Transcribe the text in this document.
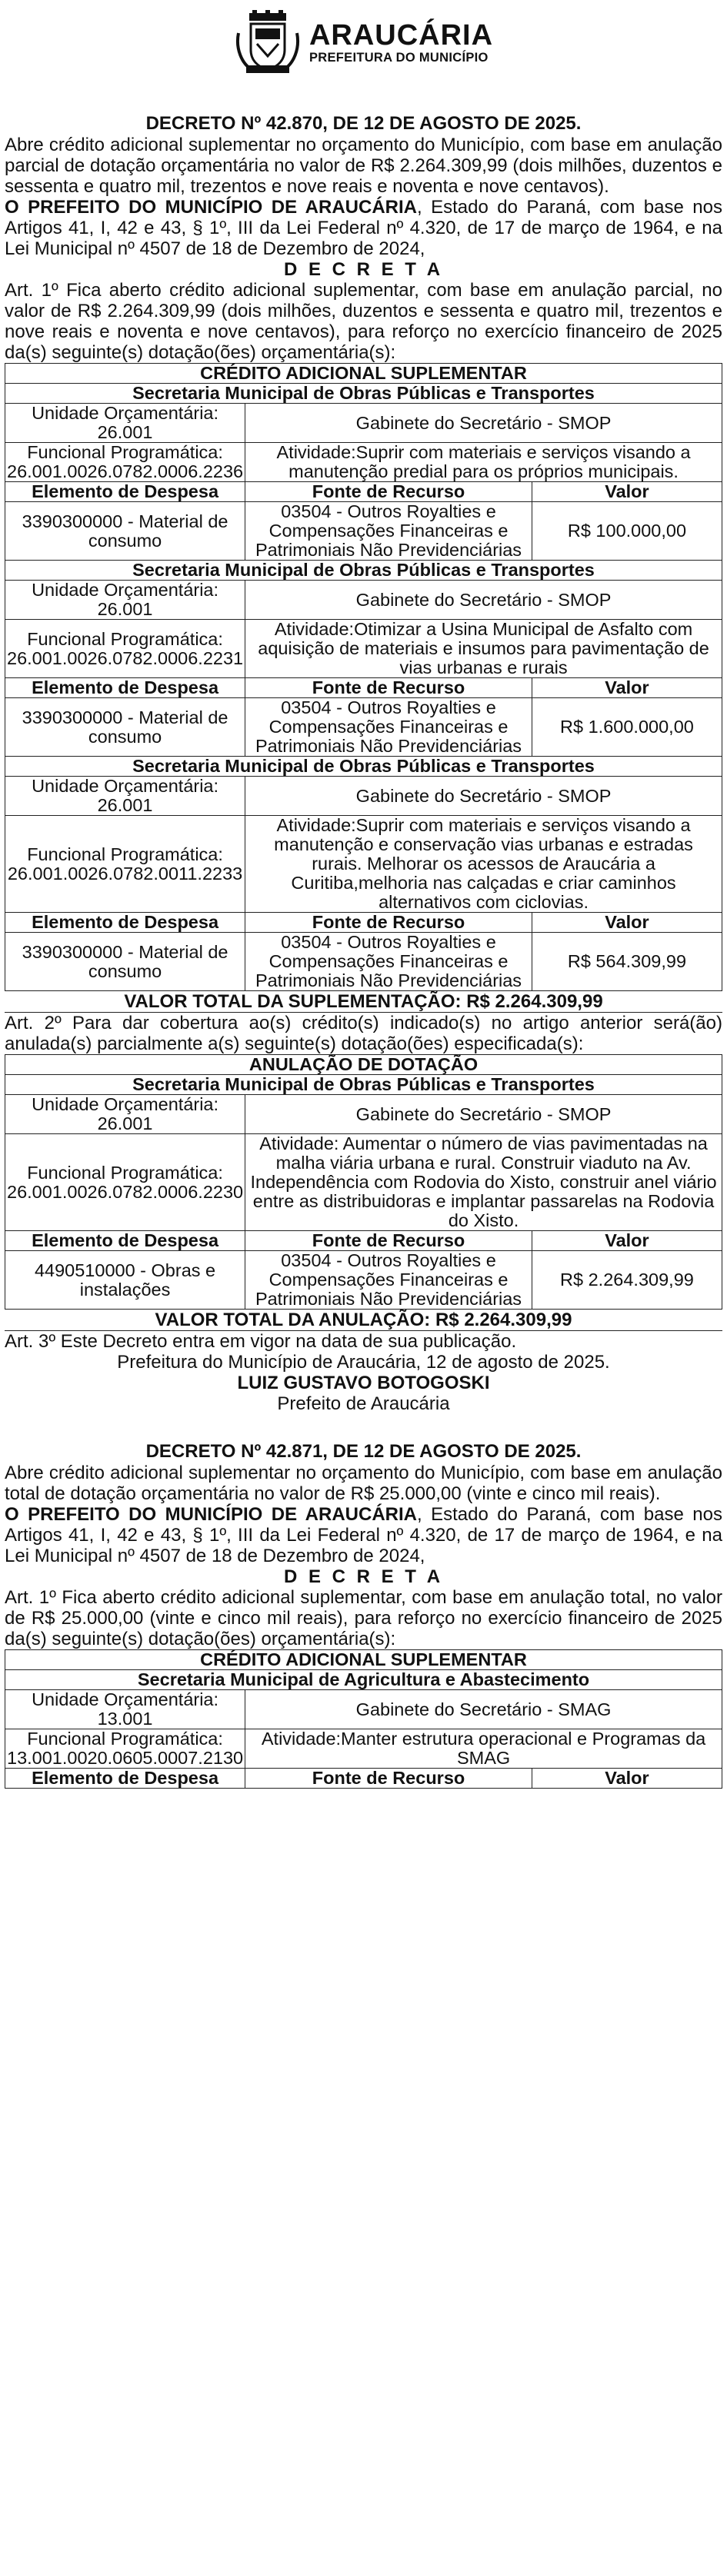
ARAUCÁRIA
PREFEITURA DO MUNICÍPIO
DECRETO Nº 42.870, DE 12 DE AGOSTO DE 2025.

Abre crédito adicional suplementar no orçamento do Município, com base em anulação parcial de dotação orçamentária no valor de R$ 2.264.309,99 (dois milhões, duzentos e sessenta e quatro mil, trezentos e nove reais e noventa e nove centavos).

O PREFEITO DO MUNICÍPIO DE ARAUCÁRIA, Estado do Paraná, com base nos Artigos 41, I, 42 e 43, § 1º, III da Lei Federal nº 4.320, de 17 de março de 1964, e na Lei Municipal nº 4507 de 18 de Dezembro de 2024,

D E C R E T A

Art. 1º Fica aberto crédito adicional suplementar, com base em anulação parcial, no valor de R$ 2.264.309,99 (dois milhões, duzentos e sessenta e quatro mil, trezentos e nove reais e noventa e nove centavos), para reforço no exercício financeiro de 2025 da(s) seguinte(s) dotação(ões) orçamentária(s):

CRÉDITO ADICIONAL SUPLEMENTAR		
Secretaria Municipal de Obras Públicas e Transportes		
Unidade Orçamentária: 26.001	Gabinete do Secretário - SMOP	
Funcional Programática: 26.001.0026.0782.0006.2236	Atividade:Suprir com materiais e serviços visando a manutenção predial para os próprios municipais.	
Elemento de Despesa	Fonte de Recurso	Valor
3390300000 - Material de consumo	03504 - Outros Royalties e Compensações Financeiras e Patrimoniais Não Previdenciárias	R$ 100.000,00
Secretaria Municipal de Obras Públicas e Transportes		
Unidade Orçamentária: 26.001	Gabinete do Secretário - SMOP	
Funcional Programática: 26.001.0026.0782.0006.2231	Atividade:Otimizar a Usina Municipal de Asfalto com aquisição de materiais e insumos para pavimentação de vias urbanas e rurais	
Elemento de Despesa	Fonte de Recurso	Valor
3390300000 - Material de consumo	03504 - Outros Royalties e Compensações Financeiras e Patrimoniais Não Previdenciárias	R$ 1.600.000,00
Secretaria Municipal de Obras Públicas e Transportes		
Unidade Orçamentária: 26.001	Gabinete do Secretário - SMOP	
Funcional Programática: 26.001.0026.0782.0011.2233	Atividade:Suprir com materiais e serviços visando a manutenção e conservação vias urbanas e estradas rurais. Melhorar os acessos de Araucária a Curitiba,melhoria nas calçadas e criar caminhos alternativos com ciclovias.	
Elemento de Despesa	Fonte de Recurso	Valor
3390300000 - Material de consumo	03504 - Outros Royalties e Compensações Financeiras e Patrimoniais Não Previdenciárias	R$ 564.309,99
VALOR TOTAL DA SUPLEMENTAÇÃO: R$ 2.264.309,99

Art. 2º Para dar cobertura ao(s) crédito(s) indicado(s) no artigo anterior será(ão) anulada(s) parcialmente a(s) seguinte(s) dotação(ões) especificada(s):

ANULAÇÃO DE DOTAÇÃO		
Secretaria Municipal de Obras Públicas e Transportes		
Unidade Orçamentária: 26.001	Gabinete do Secretário - SMOP	
Funcional Programática: 26.001.0026.0782.0006.2230	Atividade: Aumentar o número de vias pavimentadas na malha viária urbana e rural. Construir viaduto na Av. Independência com Rodovia do Xisto, construir anel viário entre as distribuidoras e implantar passarelas na Rodovia do Xisto.	
Elemento de Despesa	Fonte de Recurso	Valor
4490510000 - Obras e instalações	03504 - Outros Royalties e Compensações Financeiras e Patrimoniais Não Previdenciárias	R$ 2.264.309,99
VALOR TOTAL DA ANULAÇÃO: R$ 2.264.309,99

Art. 3º Este Decreto entra em vigor na data de sua publicação.

Prefeitura do Município de Araucária, 12 de agosto de 2025.
LUIZ GUSTAVO BOTOGOSKI
Prefeito de Araucária
DECRETO Nº 42.871, DE 12 DE AGOSTO DE 2025.

Abre crédito adicional suplementar no orçamento do Município, com base em anulação total de dotação orçamentária no valor de R$ 25.000,00 (vinte e cinco mil reais).

O PREFEITO DO MUNICÍPIO DE ARAUCÁRIA, Estado do Paraná, com base nos Artigos 41, I, 42 e 43, § 1º, III da Lei Federal nº 4.320, de 17 de março de 1964, e na Lei Municipal nº 4507 de 18 de Dezembro de 2024,

D E C R E T A

Art. 1º Fica aberto crédito adicional suplementar, com base em anulação total, no valor de R$ 25.000,00 (vinte e cinco mil reais), para reforço no exercício financeiro de 2025 da(s) seguinte(s) dotação(ões) orçamentária(s):

CRÉDITO ADICIONAL SUPLEMENTAR		
Secretaria Municipal de Agricultura e Abastecimento		
Unidade Orçamentária: 13.001	Gabinete do Secretário - SMAG	
Funcional Programática: 13.001.0020.0605.0007.2130	Atividade:Manter estrutura operacional e Programas da SMAG	
Elemento de Despesa	Fonte de Recurso	Valor
